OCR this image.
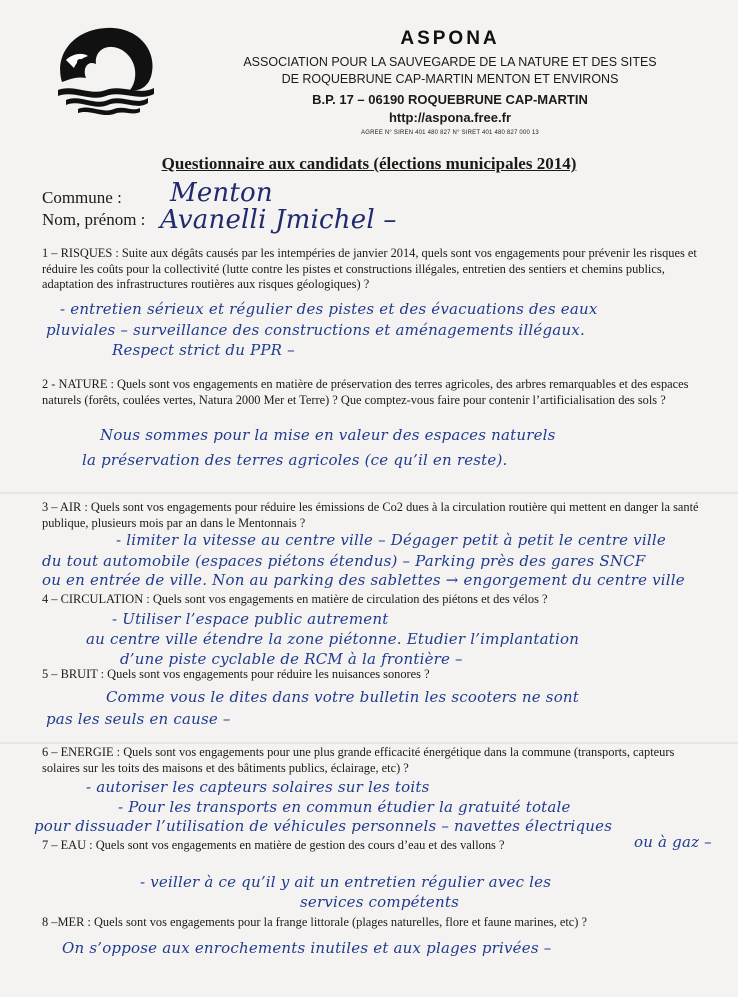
ASPONA
ASSOCIATION POUR LA SAUVEGARDE DE LA NATURE ET DES SITES
DE ROQUEBRUNE CAP-MARTIN MENTON ET ENVIRONS
B.P. 17 – 06190 ROQUEBRUNE CAP-MARTIN
http://aspona.free.fr
AGREE N° SIREN 401 480 827 N° SIRET 401 480 827 000 13
Questionnaire aux candidats (élections municipales 2014)
Commune :
Nom, prénom :
Menton
Avanelli Jmichel –
1 – RISQUES : Suite aux dégâts causés par les intempéries de janvier 2014, quels sont vos engagements pour prévenir les risques et réduire les coûts pour la collectivité (lutte contre les pistes et constructions illégales, entretien des sentiers et chemins publics, adaptation des infrastructures routières aux risques géologiques) ?
- entretien sérieux et régulier des pistes et des évacuations des eaux
pluviales – surveillance des constructions et aménagements illégaux.
Respect strict du PPR –
2 - NATURE : Quels sont vos engagements en matière de préservation des terres agricoles, des arbres remarquables et des espaces naturels (forêts, coulées vertes, Natura 2000 Mer et Terre) ? Que comptez-vous faire pour contenir l’artificialisation des sols ?
Nous sommes pour la mise en valeur des espaces naturels
la préservation des terres agricoles (ce qu’il en reste).
3 – AIR : Quels sont vos engagements pour réduire les émissions de Co2 dues à la circulation routière qui mettent en danger la santé publique, plusieurs mois par an dans le Mentonnais ?
- limiter la vitesse au centre ville – Dégager petit à petit le centre ville
du tout automobile (espaces piétons étendus) – Parking près des gares SNCF
ou en entrée de ville. Non au parking des sablettes → engorgement du centre ville
4 – CIRCULATION : Quels sont vos engagements en matière de circulation des piétons et des vélos ?
- Utiliser l’espace public autrement
au centre ville étendre la zone piétonne. Etudier l’implantation
d’une piste cyclable de RCM à la frontière –
5 – BRUIT : Quels sont vos engagements pour réduire les nuisances sonores ?
Comme vous le dites dans votre bulletin les scooters ne sont
pas les seuls en cause –
6 – ENERGIE : Quels sont vos engagements pour une plus grande efficacité énergétique dans la commune (transports, capteurs solaires sur les toits des maisons et des bâtiments publics, éclairage, etc) ?
- autoriser les capteurs solaires sur les toits
- Pour les transports en commun étudier la gratuité totale
pour dissuader l’utilisation de véhicules personnels – navettes électriques
ou à gaz –
7 – EAU : Quels sont vos engagements en matière de gestion des cours d’eau et des vallons ?
- veiller à ce qu’il y ait un entretien régulier avec les
services compétents
8 –MER : Quels sont vos engagements pour la frange littorale (plages naturelles, flore et faune marines, etc) ?
On s’oppose aux enrochements inutiles et aux plages privées –
